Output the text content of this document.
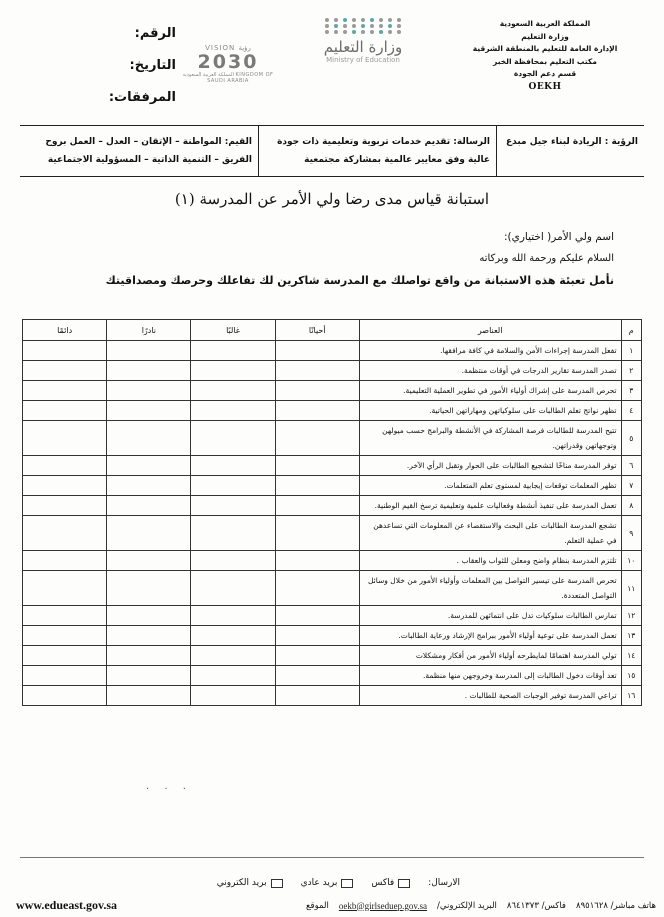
المملكة العربية السعودية
وزارة التعليم
الإدارة العامة للتعليم بالمنطقة الشرقية
مكتب التعليم بمحافظة الخبر
قسم دعم الجودة
OEKH
وزارة التعليم
Ministry of Education
VISION رؤية
2030
المملكة العربية السعودية KINGDOM OF SAUDI ARABIA
الرقم:
التاريخ:
المرفقات:
الرؤية : الريادة لبناء جيل مبدع
الرسالة: تقديم خدمات تربوية وتعليمية ذات جودة عالية وفق معايير عالمية بمشاركة مجتمعية
القيم: المواطنة – الإتقان – العدل – العمل بروح الفريق – التنمية الذاتية – المسؤولية الاجتماعية
استبانة قياس مدى رضا ولي الأمر عن المدرسة (١)
اسم ولي الأمر( اختياري):
السلام عليكم ورحمة الله وبركاته
نأمل تعبئة هذه الاستبانة من واقع تواصلك مع المدرسة شاكرين لك تفاعلك وحرصك ومصداقيتك
م	العناصر	أحيانًا	غالبًا	نادرًا	دائمًا
١	تفعل المدرسة إجراءات الأمن والسلامة في كافة مرافقها.				
٢	تصدر المدرسة تقارير الدرجات في أوقات منتظمة.				
٣	تحرص المدرسة على إشراك أولياء الأمور في تطوير العملية التعليمية.				
٤	تظهر نواتج تعلم الطالبات على سلوكياتهن ومهاراتهن الحياتية.				
٥	تتيح المدرسة للطالبات فرصة المشاركة في الأنشطة والبرامج حسب ميولهن وتوجهاتهن وقدراتهن.				
٦	توفر المدرسة مناخًا لتشجيع الطالبات على الحوار وتقبل الرأي الآخر.				
٧	تظهر المعلمات توقعات إيجابية لمستوى تعلم المتعلمات.				
٨	تعمل المدرسة على تنفيذ أنشطة وفعاليات علمية وتعليمية ترسخ القيم الوطنية.				
٩	تشجع المدرسة الطالبات على البحث والاستقصاء عن المعلومات التي تساعدهن في عملية التعلم.				
١٠	تلتزم المدرسة بنظام واضح ومعلن للثواب والعقاب .				
١١	تحرص المدرسة على تيسير التواصل بين المعلمات وأولياء الأمور من خلال وسائل التواصل المتعددة.				
١٢	تمارس الطالبات سلوكيات تدل على انتمائهن للمدرسة.				
١٣	تعمل المدرسة على توعية أولياء الأمور ببرامج الإرشاد ورعاية الطالبات.				
١٤	تولي المدرسة اهتمامًا لمايطرحه أولياء الأمور من أفكار ومشكلات				
١٥	تعد أوقات دخول الطالبات إلى المدرسة وخروجهن منها منظمة.				
١٦	تراعي المدرسة توفير الوجبات الصحية للطالبات .				
· · ·
الارسال:
فاكس
بريد عادي
بريد الكتروني
هاتف مباشر/ ٨٩٥١٦٢٨
فاكس/ ٨٦٤١٣٧٣
البريد الإلكتروني/
oekb@girlseduep.gov.sa
الموقع
www.edueast.gov.sa
